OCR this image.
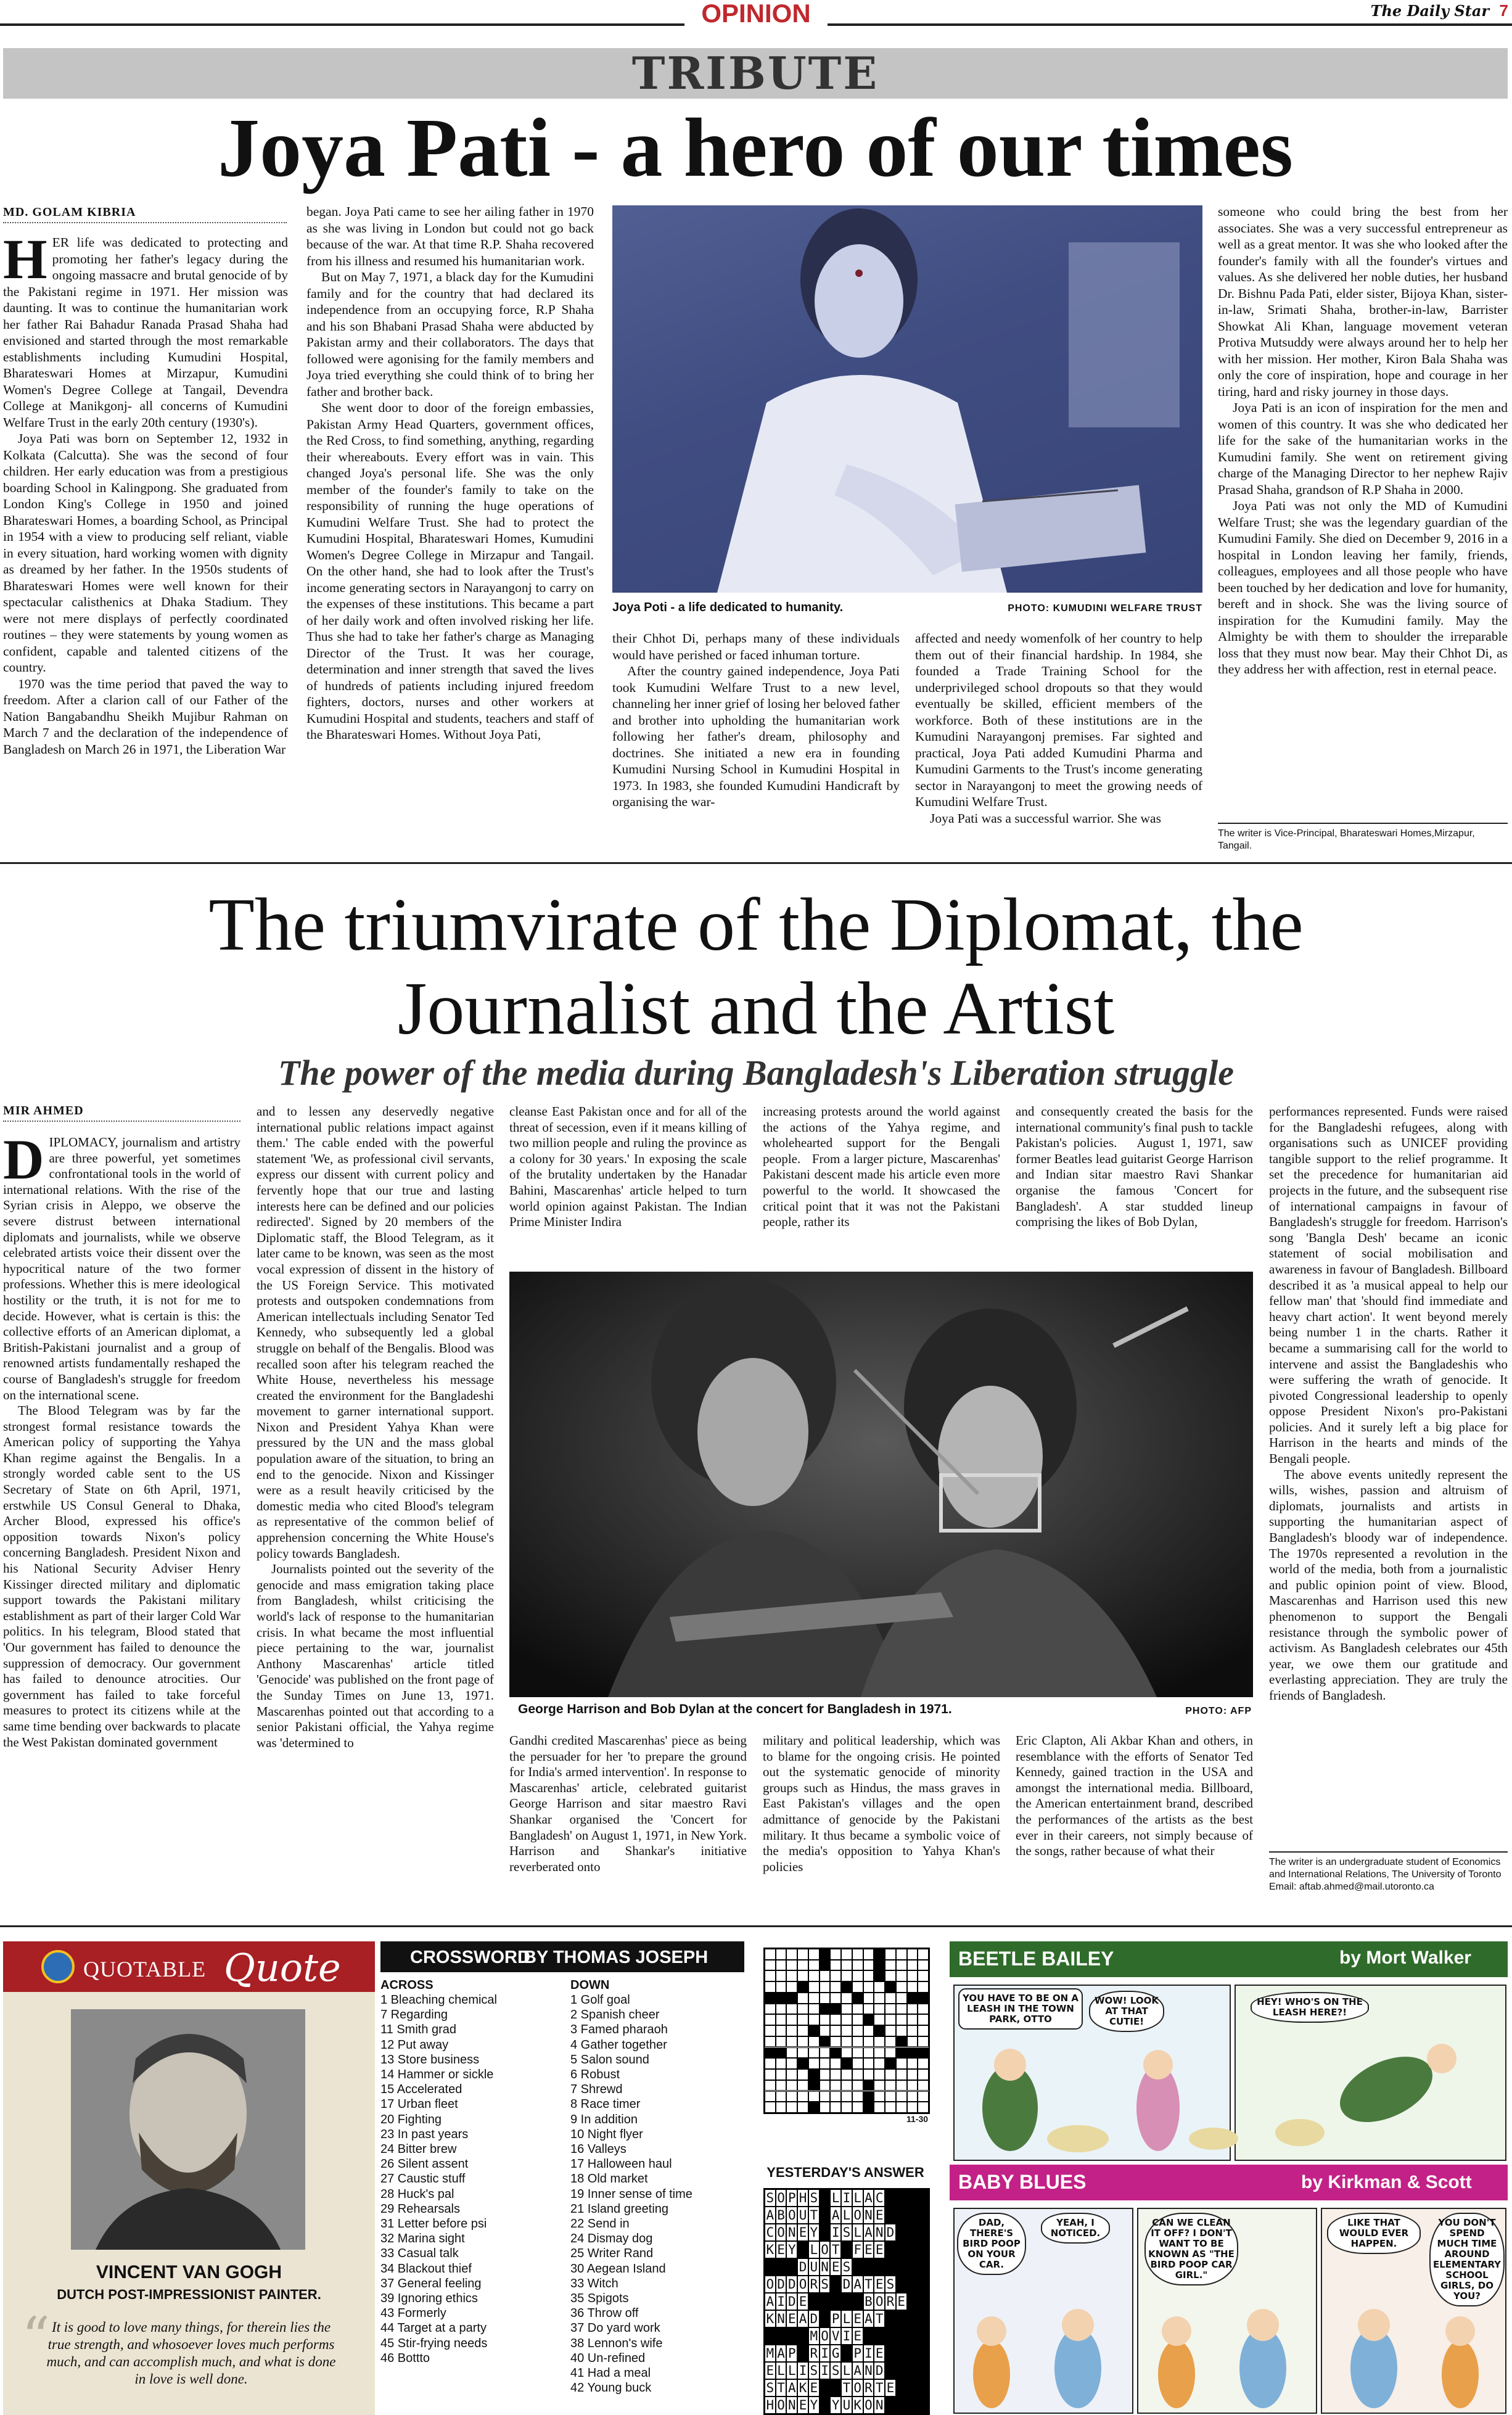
OPINION	The Daily Star 7
TRIBUTE
Joya Pati - a hero of our times
MD. GOLAM KIBRIA
H ER life was dedicated to protecting and promoting her father's legacy during the ongoing massacre and brutal genocide of by the Pakistani regime in 1971. Her mission was daunting. It was to continue the humanitarian work her father Rai Bahadur Ranada Prasad Shaha had envisioned and started through the most remarkable establishments including Kumudini Hospital, Bharateswari Homes at Mirzapur, Kumudini Women's Degree College at Tangail, Devendra College at Manikgonj- all concerns of Kumudini Welfare Trust in the early 20th century (1930's).

Joya Pati was born on September 12, 1932 in Kolkata (Calcutta). She was the second of four children. Her early education was from a prestigious boarding School in Kalingpong. She graduated from London King's College in 1950 and joined Bharateswari Homes, a boarding School, as Principal in 1954 with a view to producing self reliant, viable in every situation, hard working women with dignity as dreamed by her father. In the 1950s students of Bharateswari Homes were well known for their spectacular calisthenics at Dhaka Stadium. They were not mere displays of perfectly coordinated routines – they were statements by young women as confident, capable and talented citizens of the country.

1970 was the time period that paved the way to freedom. After a clarion call of our Father of the Nation Bangabandhu Sheikh Mujibur Rahman on March 7 and the declaration of the independence of Bangladesh on March 26 in 1971, the Liberation War

began. Joya Pati came to see her ailing father in 1970 as she was living in London but could not go back because of the war. At that time R.P. Shaha recovered from his illness and resumed his humanitarian work.

But on May 7, 1971, a black day for the Kumudini family and for the country that had declared its independence from an occupying force, R.P Shaha and his son Bhabani Prasad Shaha were abducted by Pakistan army and their collaborators. The days that followed were agonising for the family members and Joya tried everything she could think of to bring her father and brother back.

She went door to door of the foreign embassies, Pakistan Army Head Quarters, government offices, the Red Cross, to find something, anything, regarding their whereabouts. Every effort was in vain. This changed Joya's personal life. She was the only member of the founder's family to take on the responsibility of running the huge operations of Kumudini Welfare Trust. She had to protect the Kumudini Hospital, Bharateswari Homes, Kumudini Women's Degree College in Mirzapur and Tangail. On the other hand, she had to look after the Trust's income generating sectors in Narayangonj to carry on the expenses of these institutions. This became a part of her daily work and often involved risking her life. Thus she had to take her father's charge as Managing Director of the Trust. It was her courage, determination and inner strength that saved the lives of hundreds of patients including injured freedom fighters, doctors, nurses and other workers at Kumudini Hospital and students, teachers and staff of the Bharateswari Homes. Without Joya Pati,

Joya Poti - a life dedicated to humanity.	PHOTO: KUMUDINI WELFARE TRUST

their Chhot Di, perhaps many of these individuals would have perished or faced inhuman torture.

After the country gained independence, Joya Pati took Kumudini Welfare Trust to a new level, channeling her inner grief of losing her beloved father and brother into upholding the humanitarian work following her father's dream, philosophy and doctrines. She initiated a new era in founding Kumudini Nursing School in Kumudini Hospital in 1973. In 1983, she founded Kumudini Handicraft by organising the war-

affected and needy womenfolk of her country to help them out of their financial hardship. In 1984, she founded a Trade Training School for the underprivileged school dropouts so that they would eventually be skilled, efficient members of the workforce. Both of these institutions are in the Kumudini Narayangonj premises. Far sighted and practical, Joya Pati added Kumudini Pharma and Kumudini Garments to the Trust's income generating sector in Narayangonj to meet the growing needs of Kumudini Welfare Trust.

Joya Pati was a successful warrior. She was

someone who could bring the best from her associates. She was a very successful entrepreneur as well as a great mentor. It was she who looked after the founder's family with all the founder's virtues and values. As she delivered her noble duties, her husband Dr. Bishnu Pada Pati, elder sister, Bijoya Khan, sister-in-law, Srimati Shaha, brother-in-law, Barrister Showkat Ali Khan, language movement veteran Protiva Mutsuddy were always around her to help her with her mission. Her mother, Kiron Bala Shaha was only the core of inspiration, hope and courage in her tiring, hard and risky journey in those days.

Joya Pati is an icon of inspiration for the men and women of this country. It was she who dedicated her life for the sake of the humanitarian works in the Kumudini family. She went on retirement giving charge of the Managing Director to her nephew Rajiv Prasad Shaha, grandson of R.P Shaha in 2000.

Joya Pati was not only the MD of Kumudini Welfare Trust; she was the legendary guardian of the Kumudini Family. She died on December 9, 2016 in a hospital in London leaving her family, friends, colleagues, employees and all those people who have been touched by her dedication and love for humanity, bereft and in shock. She was the living source of inspiration for the Kumudini family. May the Almighty be with them to shoulder the irreparable loss that they must now bear. May their Chhot Di, as they address her with affection, rest in eternal peace.

The writer is Vice-Principal, Bharateswari Homes,Mirzapur, Tangail.
The triumvirate of the Diplomat, the
Journalist and the Artist
The power of the media during Bangladesh's Liberation struggle
MIR AHMED
D IPLOMACY, journalism and artistry are three powerful, yet sometimes confrontational tools in the world of international relations. With the rise of the Syrian crisis in Aleppo, we observe the severe distrust between international diplomats and journalists, while we observe celebrated artists voice their dissent over the hypocritical nature of the two former professions. Whether this is mere ideological hostility or the truth, it is not for me to decide. However, what is certain is this: the collective efforts of an American diplomat, a British-Pakistani journalist and a group of renowned artists fundamentally reshaped the course of Bangladesh's struggle for freedom on the international scene.

The Blood Telegram was by far the strongest formal resistance towards the American policy of supporting the Yahya Khan regime against the Bengalis. In a strongly worded cable sent to the US Secretary of State on 6th April, 1971, erstwhile US Consul General to Dhaka, Archer Blood, expressed his office's opposition towards Nixon's policy concerning Bangladesh. President Nixon and his National Security Adviser Henry Kissinger directed military and diplomatic support towards the Pakistani military establishment as part of their larger Cold War politics. In his telegram, Blood stated that 'Our government has failed to denounce the suppression of democracy. Our government has failed to denounce atrocities. Our government has failed to take forceful measures to protect its citizens while at the same time bending over backwards to placate the West Pakistan dominated government

and to lessen any deservedly negative international public relations impact against them.' The cable ended with the powerful statement 'We, as professional civil servants, express our dissent with current policy and fervently hope that our true and lasting interests here can be defined and our policies redirected'. Signed by 20 members of the Diplomatic staff, the Blood Telegram, as it later came to be known, was seen as the most vocal expression of dissent in the history of the US Foreign Service. This motivated protests and outspoken condemnations from American intellectuals including Senator Ted Kennedy, who subsequently led a global struggle on behalf of the Bengalis. Blood was recalled soon after his telegram reached the White House, nevertheless his message created the environment for the Bangladeshi movement to garner international support. Nixon and President Yahya Khan were pressured by the UN and the mass global population aware of the situation, to bring an end to the genocide. Nixon and Kissinger were as a result heavily criticised by the domestic media who cited Blood's telegram as representative of the common belief of apprehension concerning the White House's policy towards Bangladesh.

Journalists pointed out the severity of the genocide and mass emigration taking place from Bangladesh, whilst criticising the world's lack of response to the humanitarian crisis. In what became the most influential piece pertaining to the war, journalist Anthony Mascarenhas' article titled 'Genocide' was published on the front page of the Sunday Times on June 13, 1971. Mascarenhas pointed out that according to a senior Pakistani official, the Yahya regime was 'determined to

cleanse East Pakistan once and for all of the threat of secession, even if it means killing of two million people and ruling the province as a colony for 30 years.' In exposing the scale of the brutality undertaken by the Hanadar Bahini, Mascarenhas' article helped to turn world opinion against Pakistan. The Indian Prime Minister Indira

increasing protests around the world against the actions of the Yahya regime, and wholehearted support for the Bengali people.   From a larger picture, Mascarenhas' Pakistani descent made his article even more powerful to the world. It showcased the critical point that it was not the Pakistani people, rather its

and consequently created the basis for the international community's final push to tackle Pakistan's policies.   August 1, 1971, saw former Beatles lead guitarist George Harrison and Indian sitar maestro Ravi Shankar organise the famous 'Concert for Bangladesh'. A star studded lineup comprising the likes of Bob Dylan,

George Harrison and Bob Dylan at the concert for Bangladesh in 1971.	PHOTO: AFP

Gandhi credited Mascarenhas' piece as being the persuader for her 'to prepare the ground for India's armed intervention'. In response to Mascarenhas' article, celebrated guitarist George Harrison and sitar maestro Ravi Shankar organised the 'Concert for Bangladesh' on August 1, 1971, in New York. Harrison and Shankar's initiative reverberated onto

military and political leadership, which was to blame for the ongoing crisis. He pointed out the systematic genocide of minority groups such as Hindus, the mass graves in East Pakistan's villages and the open admittance of genocide by the Pakistani military. It thus became a symbolic voice of the media's opposition to Yahya Khan's policies

Eric Clapton, Ali Akbar Khan and others, in resemblance with the efforts of Senator Ted Kennedy, gained traction in the USA and amongst the international media. Billboard, the American entertainment brand, described the performances of the artists as the best ever in their careers, not simply because of the songs, rather because of what their

performances represented. Funds were raised for the Bangladeshi refugees, along with organisations such as UNICEF providing tangible support to the relief programme. It set the precedence for humanitarian aid projects in the future, and the subsequent rise of international campaigns in favour of Bangladesh's struggle for freedom. Harrison's song 'Bangla Desh' became an iconic statement of social mobilisation and awareness in favour of Bangladesh. Billboard described it as 'a musical appeal to help our fellow man' that 'should find immediate and heavy chart action'. It went beyond merely being number 1 in the charts. Rather it became a summarising call for the world to intervene and assist the Bangladeshis who were suffering the wrath of genocide. It pivoted Congressional leadership to openly oppose President Nixon's pro-Pakistani policies. And it surely left a big place for Harrison in the hearts and minds of the Bengali people.

The above events unitedly represent the wills, wishes, passion and altruism of diplomats, journalists and artists in supporting the humanitarian aspect of Bangladesh's bloody war of independence. The 1970s represented a revolution in the world of the media, both from a journalistic and public opinion point of view. Blood, Mascarenhas and Harrison used this new phenomenon to support the Bengali resistance through the symbolic power of activism. As Bangladesh celebrates our 45th year, we owe them our gratitude and everlasting appreciation. They are truly the friends of Bangladesh.

The writer is an undergraduate student of Economics and International Relations, The University of Toronto
Email: aftab.ahmed@mail.utoronto.ca
QUOTABLE Quote
VINCENT VAN GOGH
DUTCH POST-IMPRESSIONIST PAINTER.
“ It is good to love many things, for therein lies the true strength, and whosoever loves much performs much, and can accomplish much, and what is done in love is well done.
CROSSWORD
BY THOMAS JOSEPH
ACROSS
1 Bleaching chemical
7 Regarding
11 Smith grad
12 Put away
13 Store business
14 Hammer or sickle
15 Accelerated
17 Urban fleet
20 Fighting
23 In past years
24 Bitter brew
26 Silent assent
27 Caustic stuff
28 Huck's pal
29 Rehearsals
31 Letter before psi
32 Marina sight
33 Casual talk
34 Blackout thief
37 General feeling
39 Ignoring ethics
43 Formerly
44 Target at a party
45 Stir-frying needs
46 Bottto
DOWN
1 Golf goal
2 Spanish cheer
3 Famed pharaoh
4 Gather together
5 Salon sound
6 Robust
7 Shrewd
8 Race timer
9 In addition
10 Night flyer
16 Valleys
17 Halloween haul
18 Old market
19 Inner sense of time
21 Island greeting
22 Send in
24 Dismay dog
25 Writer Rand
30 Aegean Island
33 Witch
35 Spigots
36 Throw off
37 Do yard work
38 Lennon's wife
40 Un-refined
41 Had a meal
42 Young buck
11-30
YESTERDAY'S ANSWER
S O P H S L I L A C
A B O U T A L O N E
C O N E Y I S L A N D
K E Y L O T F E E
D U N E S
O D D O R S D A T E S
A I D E	B O R E
K N E A D P L E A T
M O V I E
M A P R I G P I E
E L L I S I S L A N D
S T A K E T O R T E
H O N E Y Y U K O N
BEETLE BAILEY	by Mort Walker
YOU HAVE TO BE ON A LEASH IN THE TOWN PARK, OTTO
WOW! LOOK AT THAT CUTIE!
HEY! WHO'S ON THE LEASH HERE?!
BABY BLUES	by Kirkman & Scott
DAD, THERE'S BIRD POOP ON YOUR CAR.
YEAH, I NOTICED.
CAN WE CLEAN IT OFF? I DON'T WANT TO BE KNOWN AS "THE BIRD POOP CAR GIRL."
LIKE THAT WOULD EVER HAPPEN.
YOU DON'T SPEND MUCH TIME AROUND ELEMENTARY SCHOOL GIRLS, DO YOU?
